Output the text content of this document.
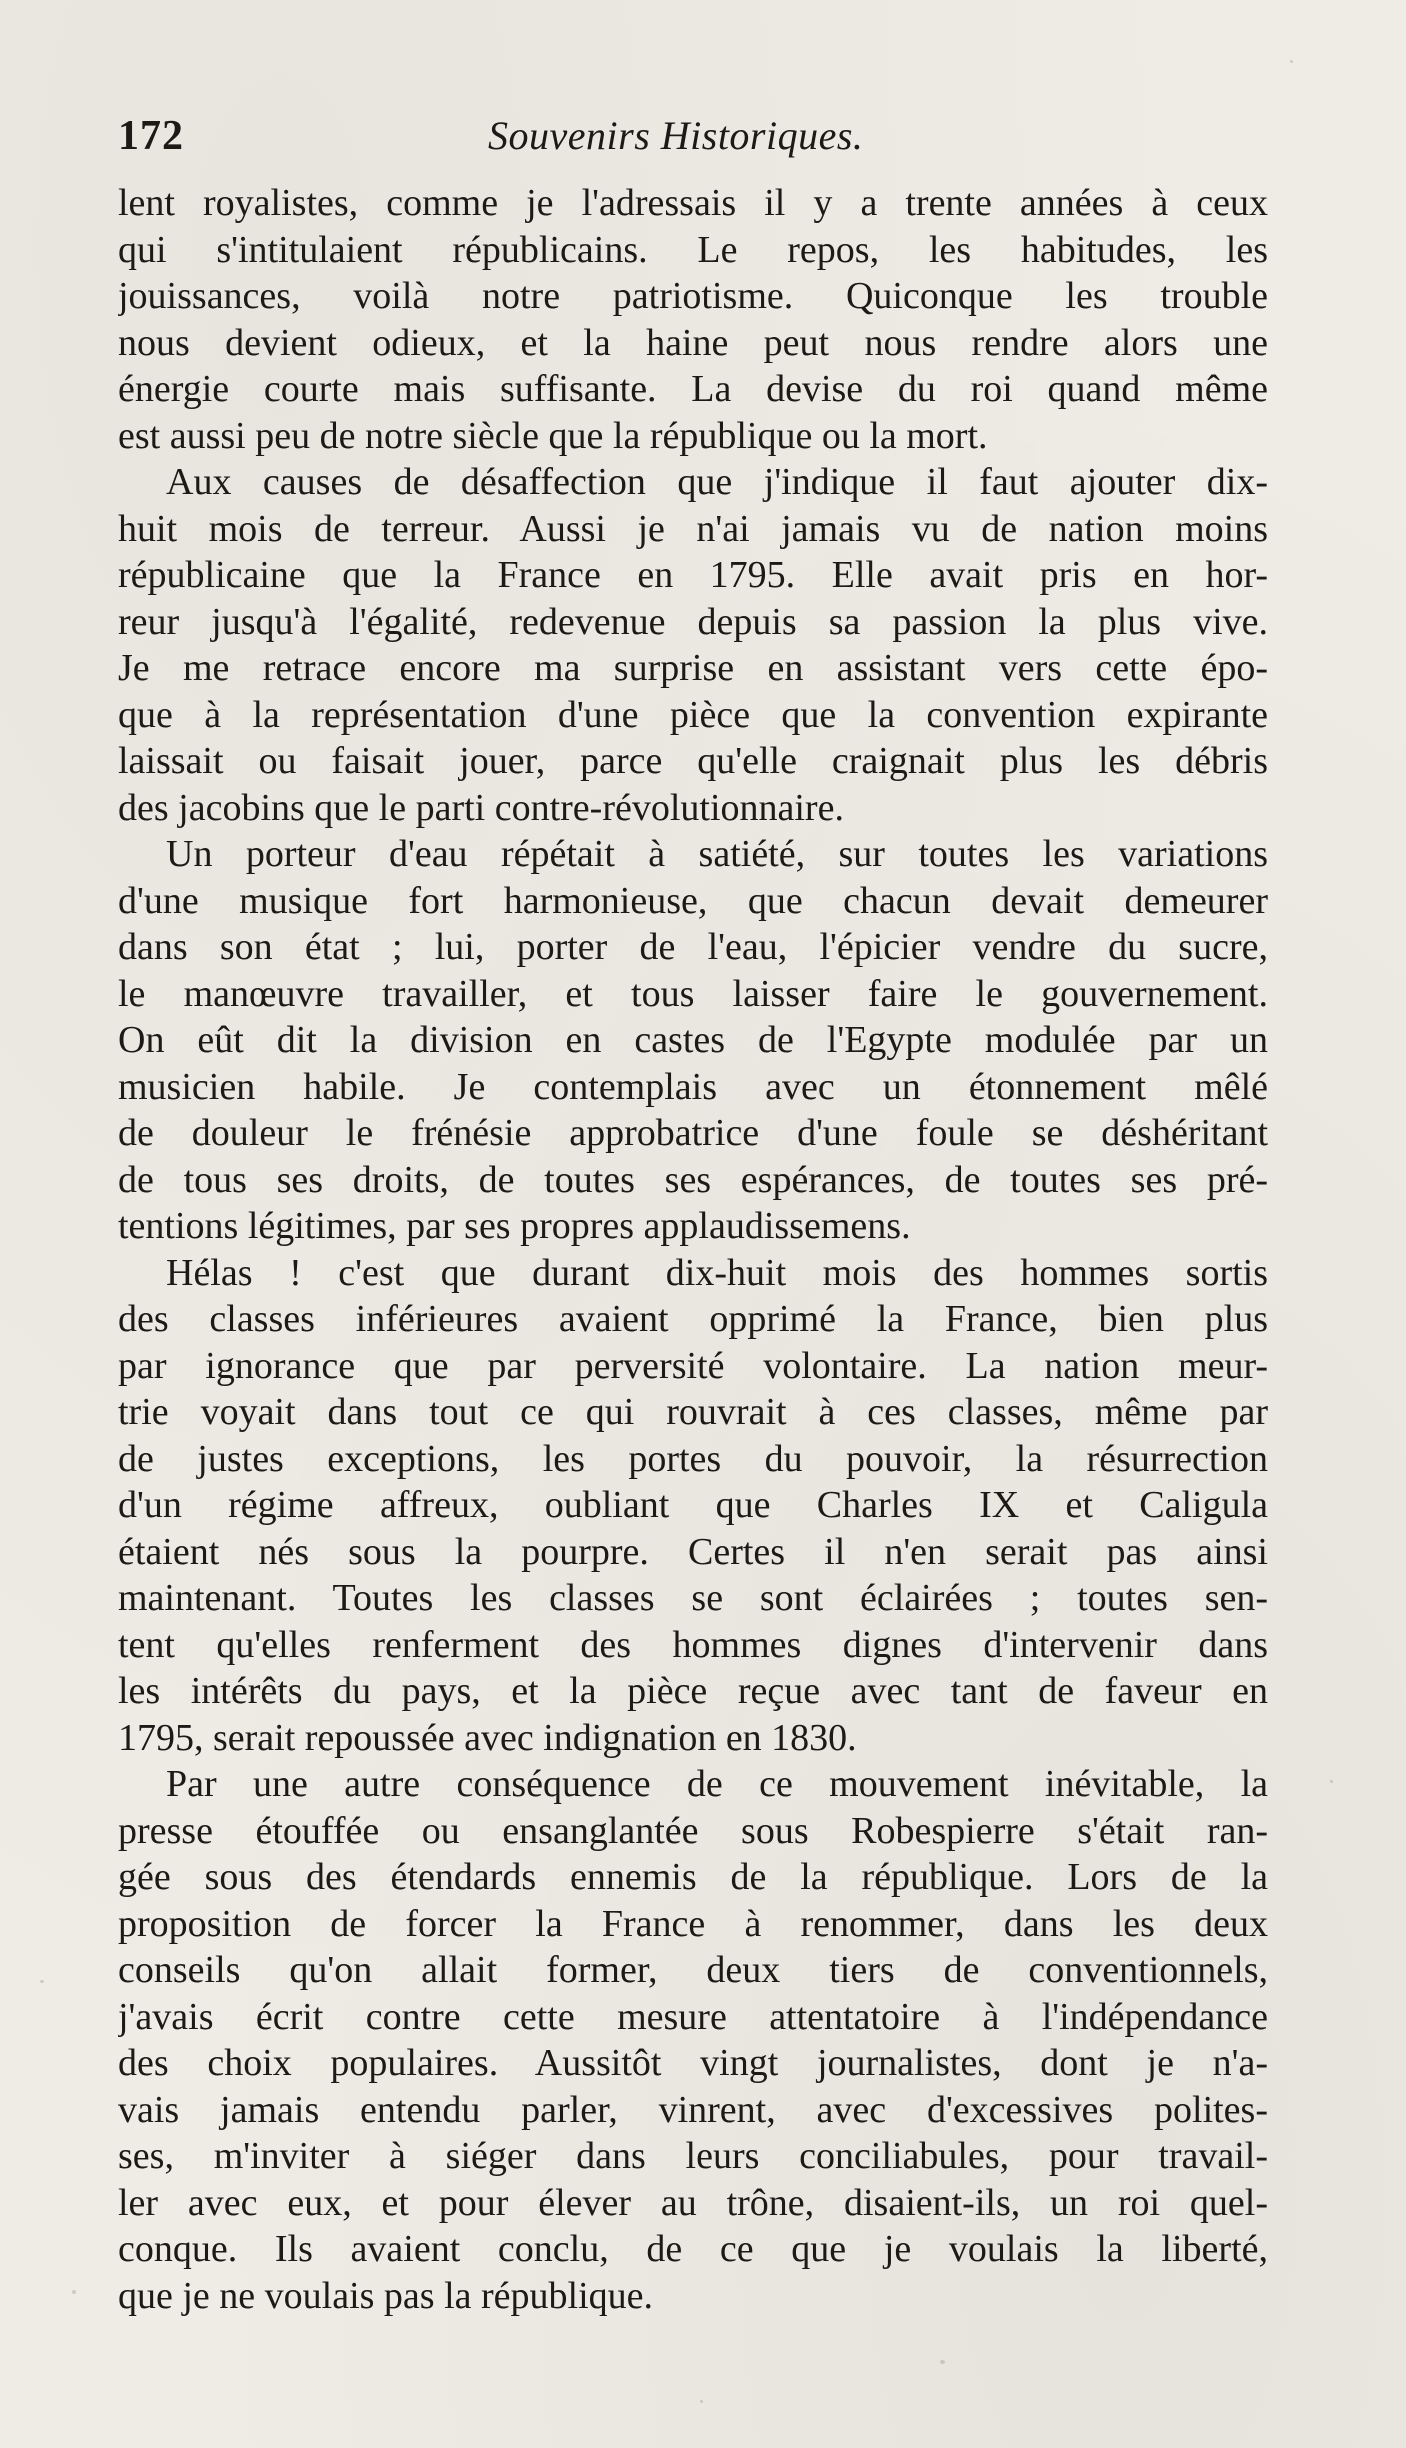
172	Souvenirs Historiques.
lent royalistes, comme je l'adressais il y a trente années à ceux
qui s'intitulaient républicains. Le repos, les habitudes, les
jouissances, voilà notre patriotisme. Quiconque les trouble
nous devient odieux, et la haine peut nous rendre alors une
énergie courte mais suffisante. La devise du roi quand même
est aussi peu de notre siècle que la république ou la mort.
Aux causes de désaffection que j'indique il faut ajouter dix-
huit mois de terreur. Aussi je n'ai jamais vu de nation moins
républicaine que la France en 1795. Elle avait pris en hor-
reur jusqu'à l'égalité, redevenue depuis sa passion la plus vive.
Je me retrace encore ma surprise en assistant vers cette épo-
que à la représentation d'une pièce que la convention expirante
laissait ou faisait jouer, parce qu'elle craignait plus les débris
des jacobins que le parti contre-révolutionnaire.
Un porteur d'eau répétait à satiété, sur toutes les variations
d'une musique fort harmonieuse, que chacun devait demeurer
dans son état ; lui, porter de l'eau, l'épicier vendre du sucre,
le manœuvre travailler, et tous laisser faire le gouvernement.
On eût dit la division en castes de l'Egypte modulée par un
musicien habile. Je contemplais avec un étonnement mêlé
de douleur le frénésie approbatrice d'une foule se déshéritant
de tous ses droits, de toutes ses espérances, de toutes ses pré-
tentions légitimes, par ses propres applaudissemens.
Hélas ! c'est que durant dix-huit mois des hommes sortis
des classes inférieures avaient opprimé la France, bien plus
par ignorance que par perversité volontaire. La nation meur-
trie voyait dans tout ce qui rouvrait à ces classes, même par
de justes exceptions, les portes du pouvoir, la résurrection
d'un régime affreux, oubliant que Charles IX et Caligula
étaient nés sous la pourpre. Certes il n'en serait pas ainsi
maintenant. Toutes les classes se sont éclairées ; toutes sen-
tent qu'elles renferment des hommes dignes d'intervenir dans
les intérêts du pays, et la pièce reçue avec tant de faveur en
1795, serait repoussée avec indignation en 1830.
Par une autre conséquence de ce mouvement inévitable, la
presse étouffée ou ensanglantée sous Robespierre s'était ran-
gée sous des étendards ennemis de la république. Lors de la
proposition de forcer la France à renommer, dans les deux
conseils qu'on allait former, deux tiers de conventionnels,
j'avais écrit contre cette mesure attentatoire à l'indépendance
des choix populaires. Aussitôt vingt journalistes, dont je n'a-
vais jamais entendu parler, vinrent, avec d'excessives polites-
ses, m'inviter à siéger dans leurs conciliabules, pour travail-
ler avec eux, et pour élever au trône, disaient-ils, un roi quel-
conque. Ils avaient conclu, de ce que je voulais la liberté,
que je ne voulais pas la république.
